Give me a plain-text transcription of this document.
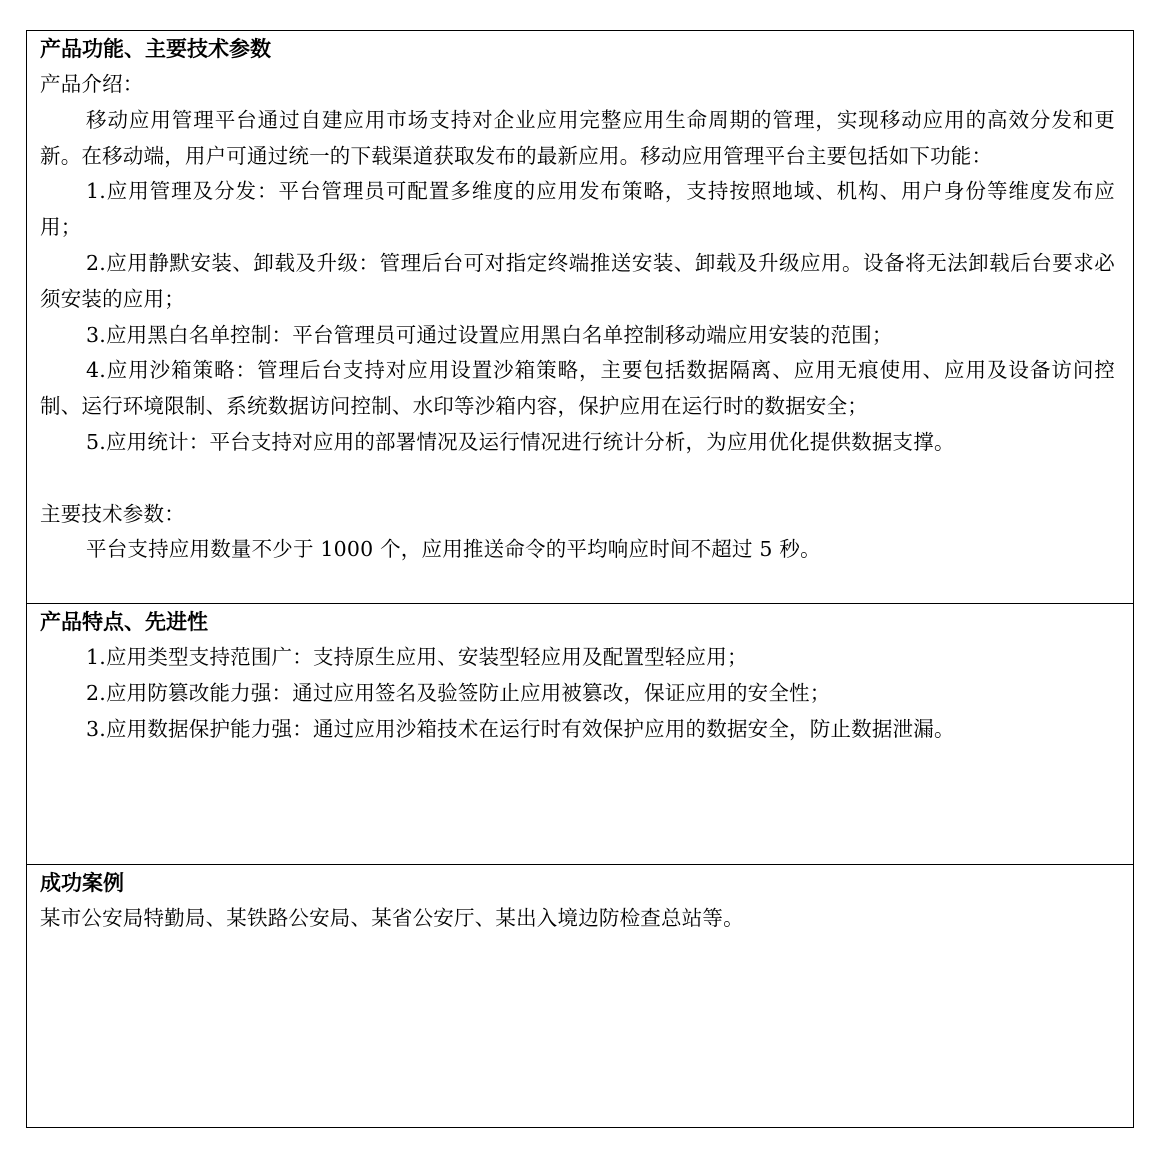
产品功能、主要技术参数

产品介绍：

移动应用管理平台通过自建应用市场支持对企业应用完整应用生命周期的管理，实现移动应用的高效分发和更新。在移动端，用户可通过统一的下载渠道获取发布的最新应用。移动应用管理平台主要包括如下功能：

1.应用管理及分发：平台管理员可配置多维度的应用发布策略，支持按照地域、机构、用户身份等维度发布应用；

2.应用静默安装、卸载及升级：管理后台可对指定终端推送安装、卸载及升级应用。设备将无法卸载后台要求必须安装的应用；

3.应用黑白名单控制：平台管理员可通过设置应用黑白名单控制移动端应用安装的范围；

4.应用沙箱策略：管理后台支持对应用设置沙箱策略，主要包括数据隔离、应用无痕使用、应用及设备访问控制、运行环境限制、系统数据访问控制、水印等沙箱内容，保护应用在运行时的数据安全；

5.应用统计：平台支持对应用的部署情况及运行情况进行统计分析，为应用优化提供数据支撑。

主要技术参数：

平台支持应用数量不少于 1000 个，应用推送命令的平均响应时间不超过 5 秒。

产品特点、先进性

1.应用类型支持范围广：支持原生应用、安装型轻应用及配置型轻应用；

2.应用防篡改能力强：通过应用签名及验签防止应用被篡改，保证应用的安全性；

3.应用数据保护能力强：通过应用沙箱技术在运行时有效保护应用的数据安全，防止数据泄漏。

成功案例

某市公安局特勤局、某铁路公安局、某省公安厅、某出入境边防检查总站等。
